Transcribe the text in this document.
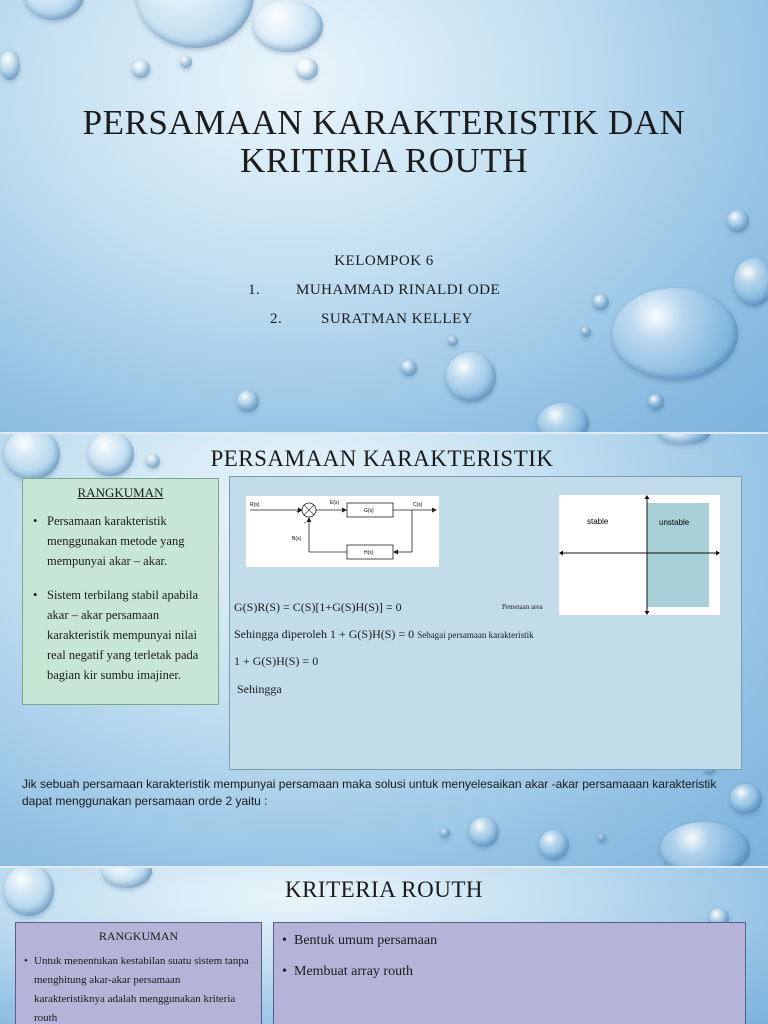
PERSAMAAN KARAKTERISTIK DAN
KRITIRIA ROUTH
KELOMPOK 6
1. MUHAMMAD RINALDI ODE
2.	SURATMAN KELLEY
PERSAMAAN KARAKTERISTIK
RANGKUMAN
• Persamaan karakteristik menggunakan metode yang mempunyai akar – akar.
• Sistem terbilang stabil apabila akar – akar persamaan karakteristik mempunyai nilai real negatif yang terletak pada bagian kir sumbu imajiner.
R(s)	E(s)
G(s)
C(s)
H(s)
B(s)
+
-	stable	unstable
Pemetaan area
G(S)R(S) = C(S)[1+G(S)H(S)] = 0
Sehingga diperoleh 1 + G(S)H(S) = 0 Sebagai persamaan karakteristik
1 + G(S)H(S) = 0
Sehingga
Jik sebuah persamaan karakteristik mempunyai persamaan maka solusi untuk menyelesaikan akar -akar persamaaan karakteristik dapat menggunakan persamaan orde 2 yaitu :
KRITERIA ROUTH
RANGKUMAN

• Untuk menentukan kestabilan suatu sistem tanpa menghitung akar-akar persamaan karakteristiknya adalah menggunakan kriteria routh

• Bentuk umum persamaan
• Membuat array routh
